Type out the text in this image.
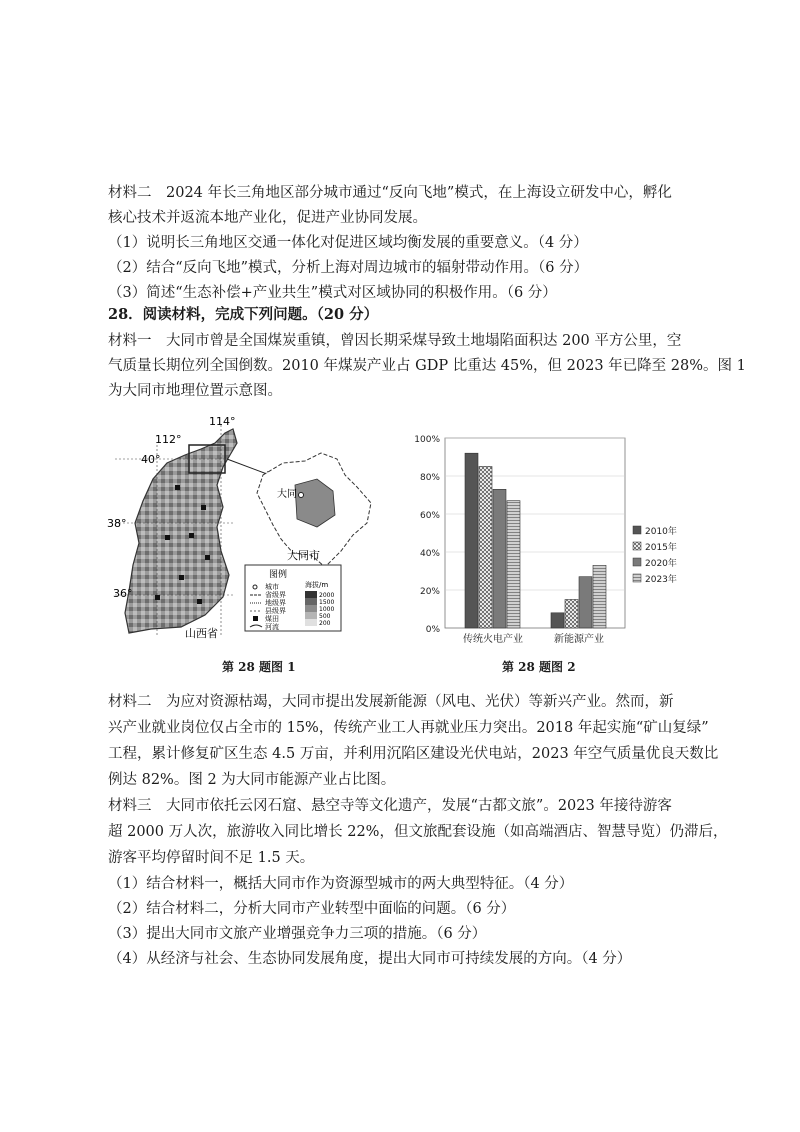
材料二　2024 年长三角地区部分城市通过“反向飞地”模式，在上海设立研发中心，孵化
核心技术并返流本地产业化，促进产业协同发展。
（1）说明长三角地区交通一体化对促进区域均衡发展的重要意义。（4 分）
（2）结合“反向飞地”模式，分析上海对周边城市的辐射带动作用。（6 分）
（3）简述“生态补偿+产业共生”模式对区域协同的积极作用。（6 分）
28．阅读材料，完成下列问题。（20 分）
材料一　大同市曾是全国煤炭重镇，曾因长期采煤导致土地塌陷面积达 200 平方公里，空
气质量长期位列全国倒数。2010 年煤炭产业占 GDP 比重达 45%，但 2023 年已降至 28%。图 1
为大同市地理位置示意图。
112°
114°
40°
38°
36°
山西省
大同
大同市
图例
海拔/m
城市
省级界
地级界
县级界
煤田
河流
2000
1500
1000
500
200
第 28 题图 1
0%
20%
40%
60%
80%
100%
传统火电产业	新能源产业
2010年
2015年
2020年
2023年
第 28 题图 2
材料二　为应对资源枯竭，大同市提出发展新能源（风电、光伏）等新兴产业。然而，新
兴产业就业岗位仅占全市的 15%，传统产业工人再就业压力突出。2018 年起实施“矿山复绿”
工程，累计修复矿区生态 4.5 万亩，并利用沉陷区建设光伏电站，2023 年空气质量优良天数比
例达 82%。图 2 为大同市能源产业占比图。
材料三　大同市依托云冈石窟、悬空寺等文化遗产，发展“古都文旅”。2023 年接待游客
超 2000 万人次，旅游收入同比增长 22%，但文旅配套设施（如高端酒店、智慧导览）仍滞后，
游客平均停留时间不足 1.5 天。
（1）结合材料一，概括大同市作为资源型城市的两大典型特征。（4 分）
（2）结合材料二，分析大同市产业转型中面临的问题。（6 分）
（3）提出大同市文旅产业增强竞争力三项的措施。（6 分）
（4）从经济与社会、生态协同发展角度，提出大同市可持续发展的方向。（4 分）
